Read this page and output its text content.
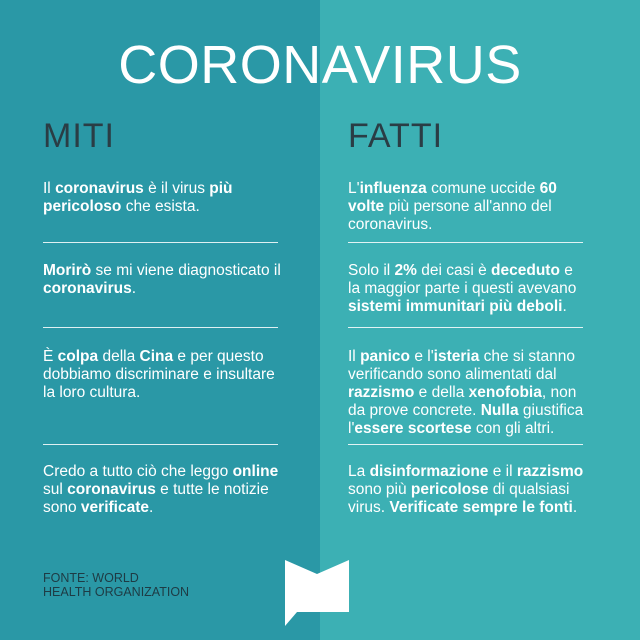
CORONAVIRUS
MITI	FATTI
Il coronavirus è il virus più pericoloso che esista.
Morirò se mi viene diagnosticato il coronavirus.
È colpa della Cina e per questo dobbiamo discriminare e insultare la loro cultura.
Credo a tutto ciò che leggo online sul coronavirus e tutte le notizie sono verificate.
L'influenza comune uccide 60 volte più persone all'anno del coronavirus.
Solo il 2% dei casi è deceduto e la maggior parte i questi avevano sistemi immunitari più deboli.
Il panico e l'isteria che si stanno verificando sono alimentati dal razzismo e della xenofobia, non da prove concrete. Nulla giustifica l'essere scortese con gli altri.
La disinformazione e il razzismo sono più pericolose di qualsiasi virus. Verificate sempre le fonti.
FONTE: WORLD
HEALTH ORGANIZATION
